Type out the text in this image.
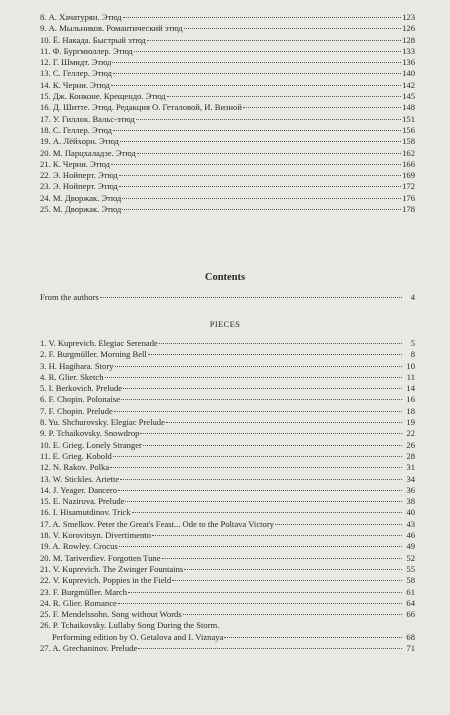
8. А. Хачатурян. Этюд	123
9. А. Мыльников. Романтический этюд	126
10. Ё. Накада. Быстрый этюд	128
11. Ф. Бургмюллер. Этюд	133
12. Г. Шмидт. Этюд	136
13. С. Геллер. Этюд	140
14. К. Черни. Этюд	142
15. Дж. Конконе. Крещендо. Этюд	145
16. Д. Шитте. Этюд. Редакция О. Геталовой, И. Визной	148
17. У. Гиллок. Вальс-этюд	151
18. С. Геллер. Этюд	156
19. А. Лёйхорн. Этюд	158
20. М. Парцхаладзе. Этюд	162
21. К. Черни. Этюд	166
22. Э. Нойперт. Этюд	169
23. Э. Нойперт. Этюд	172
24. М. Дворжак. Этюд	176
25. М. Дворжак. Этюд	178
Contents
From the authors	4
PIECES
1. V. Kuprevich. Elegiac Serenade	5
2. F. Burgmüller. Morning Bell	8
3. H. Hagihara. Story	10
4. R. Glier. Sketch	11
5. I. Berkovich. Prelude	14
6. F. Chopin. Polonaise	16
7. F. Chopin. Prelude	18
8. Yu. Shchurovsky. Elegiac Prelude	19
9. P. Tchaikovsky. Snowdrop	22
10. E. Grieg. Lonely Stranger	26
11. E. Grieg. Kobold	28
12. N. Rakov. Polka	31
13. W. Stickles. Ariette	34
14. J. Yeager. Dancero	36
15. E. Nazirova. Prelude	38
16. I. Hisamutdinov. Trick	40
17. A. Smelkov. Peter the Great's Feast... Ode to the Poltava Victory	43
18. V. Korovitsyn. Divertimento	46
19. A. Rowley. Crocus	49
20. M. Tariverdiev. Forgotten Tune	52
21. V. Kuprevich. The Zwinger Fountains	55
22. V. Kuprevich. Poppies in the Field	58
23. F. Burgmüller. March	61
24. R. Glier. Romance	64
25. F. Mendelssohn. Song without Words	66
26. P. Tchaikovsky. Lullaby Song During the Storm.
Performing edition by O. Getalova and I. Viznaya	68
27. A. Grechaninov. Prelude	71
